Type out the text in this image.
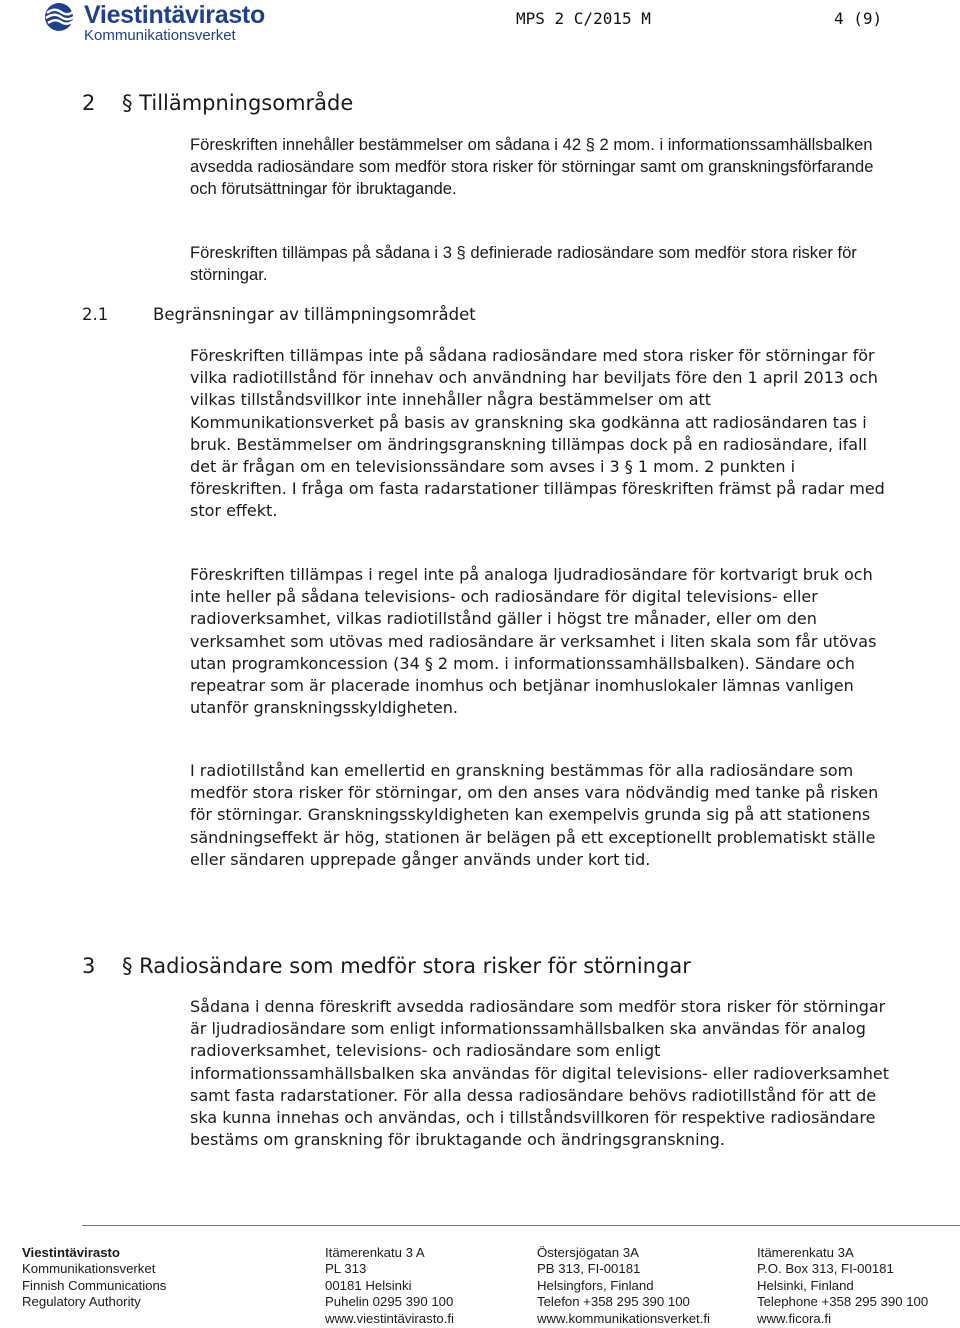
Viestintävirasto
Kommunikationsverket
MPS 2 C/2015 M	4 (9)
2 § Tillämpningsområde

Föreskriften innehåller bestämmelser om sådana i 42 § 2 mom. i informationssamhällsbalken avsedda radiosändare som medför stora risker för störningar samt om granskningsförfarande och förutsättningar för ibruktagande.

Föreskriften tillämpas på sådana i 3 § definierade radiosändare som medför stora risker för störningar.

2.1	Begränsningar av tillämpningsområdet

Föreskriften tillämpas inte på sådana radiosändare med stora risker för störningar för vilka radiotillstånd för innehav och användning har beviljats före den 1 april 2013 och vilkas tillståndsvillkor inte innehåller några bestämmelser om att Kommunikationsverket på basis av granskning ska godkänna att radiosändaren tas i bruk. Bestämmelser om ändringsgranskning tillämpas dock på en radiosändare, ifall det är frågan om en televisionssändare som avses i 3 § 1 mom. 2 punkten i föreskriften. I fråga om fasta radarstationer tillämpas föreskriften främst på radar med stor effekt.

Föreskriften tillämpas i regel inte på analoga ljudradiosändare för kortvarigt bruk och inte heller på sådana televisions- och radiosändare för digital televisions- eller radioverksamhet, vilkas radiotillstånd gäller i högst tre månader, eller om den verksamhet som utövas med radiosändare är verksamhet i liten skala som får utövas utan programkoncession (34 § 2 mom. i informationssamhällsbalken). Sändare och repeatrar som är placerade inomhus och betjänar inomhuslokaler lämnas vanligen utanför granskningsskyldigheten.

I radiotillstånd kan emellertid en granskning bestämmas för alla radiosändare som medför stora risker för störningar, om den anses vara nödvändig med tanke på risken för störningar. Granskningsskyldigheten kan exempelvis grunda sig på att stationens sändningseffekt är hög, stationen är belägen på ett exceptionellt problematiskt ställe eller sändaren upprepade gånger används under kort tid.

3 § Radiosändare som medför stora risker för störningar

Sådana i denna föreskrift avsedda radiosändare som medför stora risker för störningar är ljudradiosändare som enligt informationssamhällsbalken ska användas för analog radioverksamhet, televisions- och radiosändare som enligt informationssamhällsbalken ska användas för digital televisions- eller radioverksamhet samt fasta radarstationer. För alla dessa radiosändare behövs radiotillstånd för att de ska kunna innehas och användas, och i tillståndsvillkoren för respektive radiosändare bestäms om granskning för ibruktagande och ändringsgranskning.

Viestintävirasto
Kommunikationsverket
Finnish Communications
Regulatory Authority
Itämerenkatu 3 A
PL 313
00181 Helsinki
Puhelin 0295 390 100
www.viestintävirasto.fi
Östersjögatan 3A
PB 313, FI-00181
Helsingfors, Finland
Telefon +358 295 390 100
www.kommunikationsverket.fi
Itämerenkatu 3A
P.O. Box 313, FI-00181
Helsinki, Finland
Telephone +358 295 390 100
www.ficora.fi
